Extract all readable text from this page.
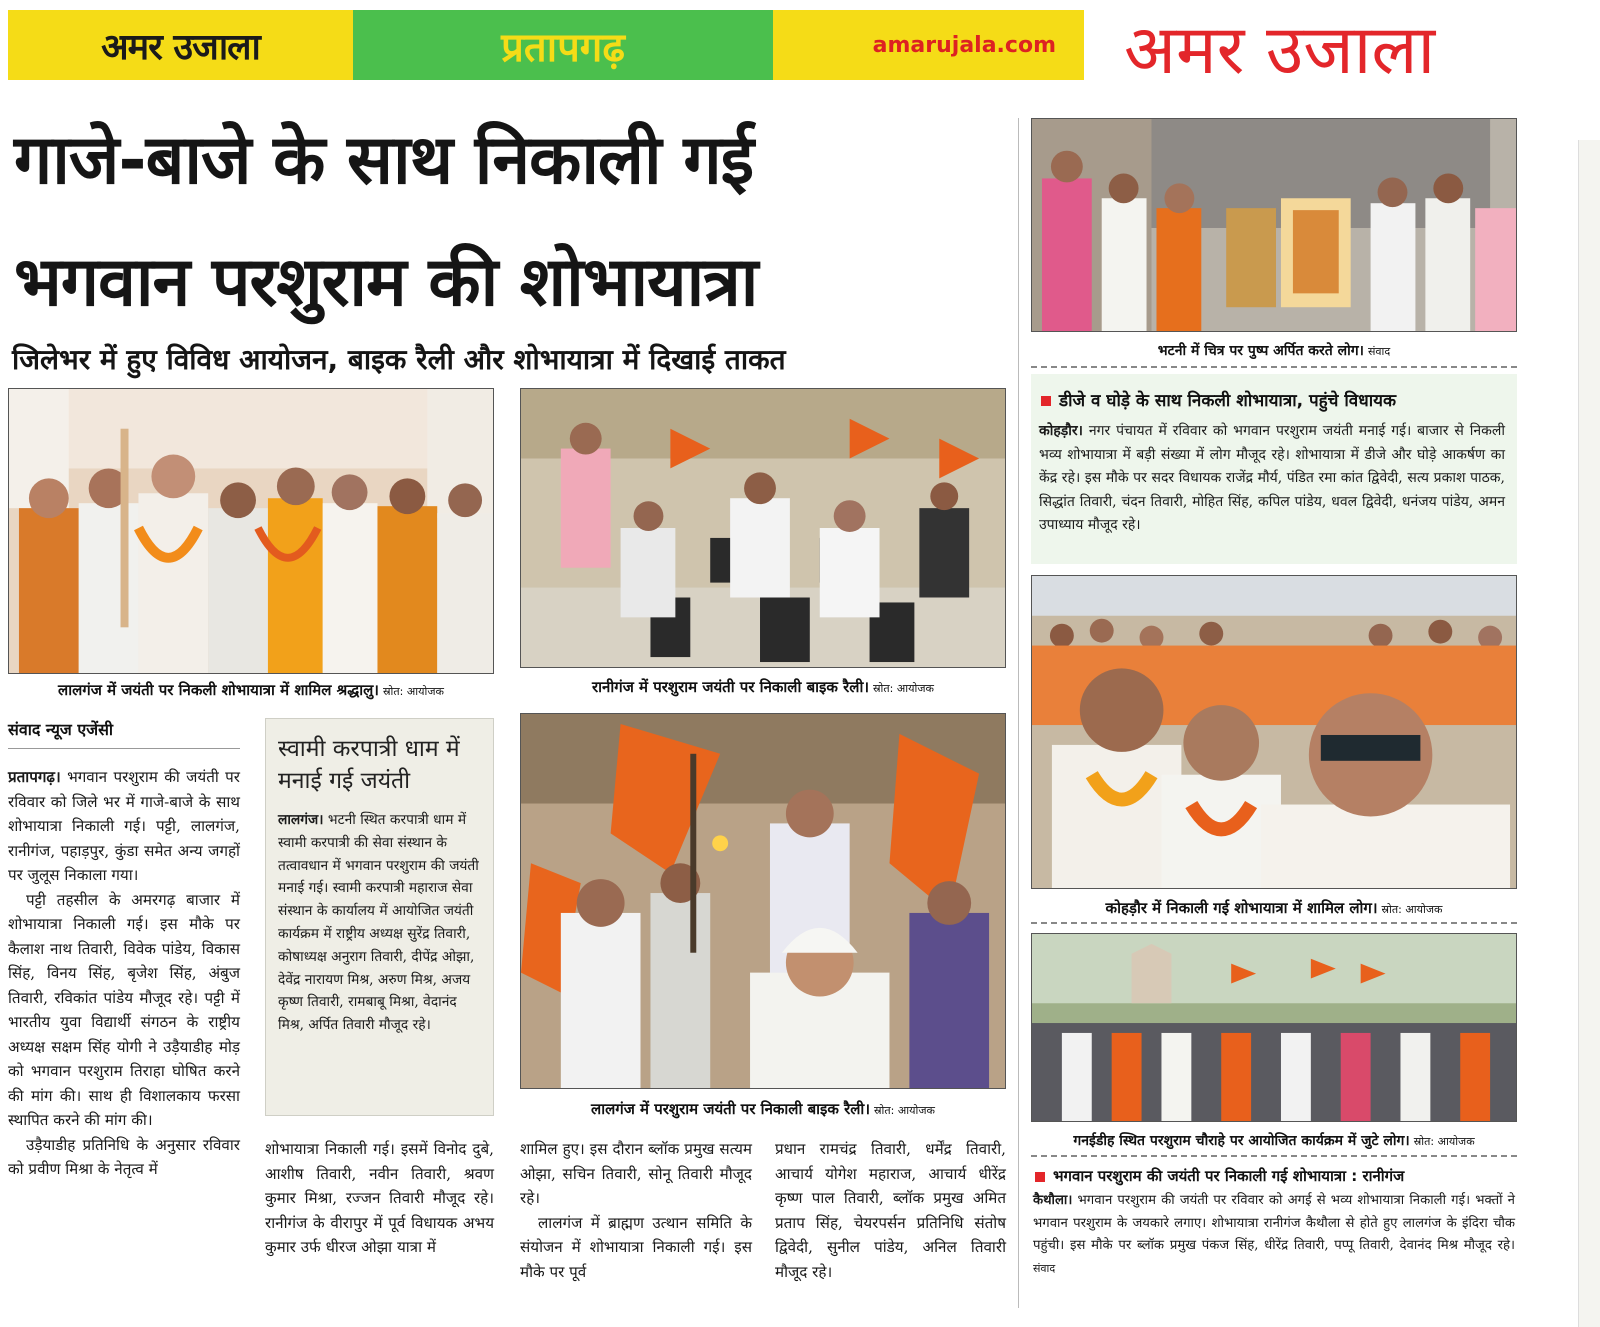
अमर उजाला	प्रतापगढ़	amarujala.com	अमर उजाला
गाजे-बाजे के साथ निकाली गई
भगवान परशुराम की शोभायात्रा
जिलेभर में हुए विविध आयोजन, बाइक रैली और शोभायात्रा में दिखाई ताकत
लालगंज में जयंती पर निकली शोभायात्रा में शामिल श्रद्धालु। स्रोत: आयोजक	रानीगंज में परशुराम जयंती पर निकाली बाइक रैली। स्रोत: आयोजक
लालगंज में परशुराम जयंती पर निकाली बाइक रैली। स्रोत: आयोजक
भटनी में चित्र पर पुष्प अर्पित करते लोग। संवाद
डीजे व घोड़े के साथ निकली शोभायात्रा, पहुंचे विधायक
कोहड़ौर। नगर पंचायत में रविवार को भगवान परशुराम जयंती मनाई गई। बाजार से निकली भव्य शोभायात्रा में बड़ी संख्या में लोग मौजूद रहे। शोभायात्रा में डीजे और घोड़े आकर्षण का केंद्र रहे। इस मौके पर सदर विधायक राजेंद्र मौर्य, पंडित रमा कांत द्विवेदी, सत्य प्रकाश पाठक, सिद्धांत तिवारी, चंदन तिवारी, मोहित सिंह, कपिल पांडेय, धवल द्विवेदी, धनंजय पांडेय, अमन उपाध्याय मौजूद रहे।
कोहड़ौर में निकाली गई शोभायात्रा में शामिल लोग। स्रोत: आयोजक
गनईडीह स्थित परशुराम चौराहे पर आयोजित कार्यक्रम में जुटे लोग। स्रोत: आयोजक
भगवान परशुराम की जयंती पर निकाली गई शोभायात्रा : रानीगंज
कैथौला। भगवान परशुराम की जयंती पर रविवार को अगई से भव्य शोभायात्रा निकाली गई। भक्तों ने भगवान परशुराम के जयकारे लगाए। शोभायात्रा रानीगंज कैथौला से होते हुए लालगंज के इंदिरा चौक पहुंची। इस मौके पर ब्लॉक प्रमुख पंकज सिंह, धीरेंद्र तिवारी, पप्पू तिवारी, देवानंद मिश्र मौजूद रहे। संवाद
संवाद न्यूज एजेंसी

प्रतापगढ़। भगवान परशुराम की जयंती पर रविवार को जिले भर में गाजे-बाजे के साथ शोभायात्रा निकाली गई। पट्टी, लालगंज, रानीगंज, पहाड़पुर, कुंडा समेत अन्य जगहों पर जुलूस निकाला गया।

पट्टी तहसील के अमरगढ़ बाजार में शोभायात्रा निकाली गई। इस मौके पर कैलाश नाथ तिवारी, विवेक पांडेय, विकास सिंह, विनय सिंह, बृजेश सिंह, अंबुज तिवारी, रविकांत पांडेय मौजूद रहे। पट्टी में भारतीय युवा विद्यार्थी संगठन के राष्ट्रीय अध्यक्ष सक्षम सिंह योगी ने उड़ैयाडीह मोड़ को भगवान परशुराम तिराहा घोषित करने की मांग की। साथ ही विशालकाय फरसा स्थापित करने की मांग की।

उड़ैयाडीह प्रतिनिधि के अनुसार रविवार को प्रवीण मिश्रा के नेतृत्व में

स्वामी करपात्री धाम में मनाई गई जयंती
लालगंज। भटनी स्थित करपात्री धाम में स्वामी करपात्री की सेवा संस्थान के तत्वावधान में भगवान परशुराम की जयंती मनाई गई। स्वामी करपात्री महाराज सेवा संस्थान के कार्यालय में आयोजित जयंती कार्यक्रम में राष्ट्रीय अध्यक्ष सुरेंद्र तिवारी, कोषाध्यक्ष अनुराग तिवारी, दीपेंद्र ओझा, देवेंद्र नारायण मिश्र, अरुण मिश्र, अजय कृष्ण तिवारी, रामबाबू मिश्रा, वेदानंद मिश्र, अर्पित तिवारी मौजूद रहे।

शोभायात्रा निकाली गई। इसमें विनोद दुबे, आशीष तिवारी, नवीन तिवारी, श्रवण कुमार मिश्रा, रज्जन तिवारी मौजूद रहे। रानीगंज के वीरापुर में पूर्व विधायक अभय कुमार उर्फ धीरज ओझा यात्रा में

शामिल हुए। इस दौरान ब्लॉक प्रमुख सत्यम ओझा, सचिन तिवारी, सोनू तिवारी मौजूद रहे।

लालगंज में ब्राह्मण उत्थान समिति के संयोजन में शोभायात्रा निकाली गई। इस मौके पर पूर्व

प्रधान रामचंद्र तिवारी, धर्मेंद्र तिवारी, आचार्य योगेश महाराज, आचार्य धीरेंद्र कृष्ण पाल तिवारी, ब्लॉक प्रमुख अमित प्रताप सिंह, चेयरपर्सन प्रतिनिधि संतोष द्विवेदी, सुनील पांडेय, अनिल तिवारी मौजूद रहे।
